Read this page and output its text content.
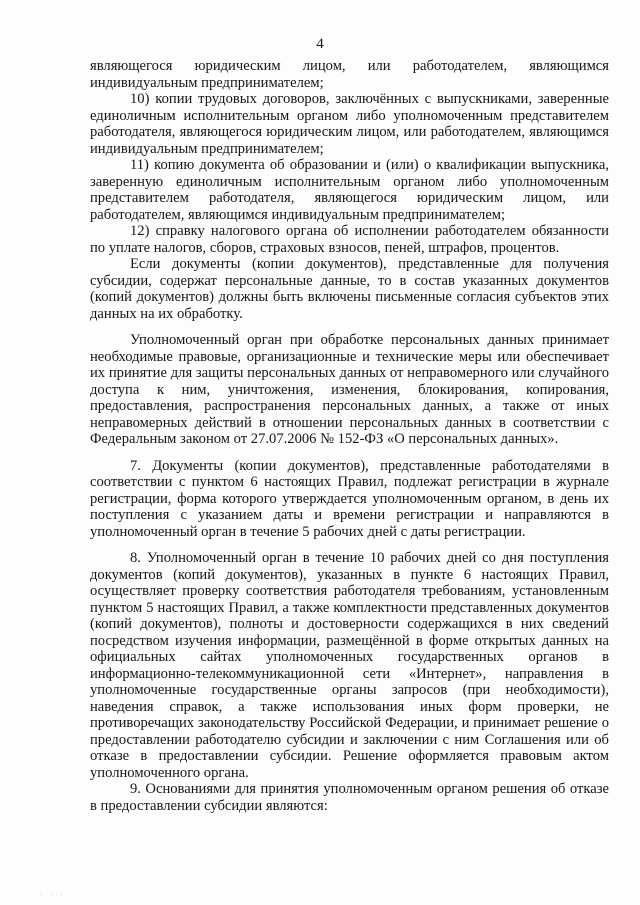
4

являющегося юридическим лицом, или работодателем, являющимся индивидуальным предпринимателем;

10) копии трудовых договоров, заключённых с выпускниками, заверенные единоличным исполнительным органом либо уполномоченным представителем работодателя, являющегося юридическим лицом, или работодателем, являющимся индивидуальным предпринимателем;

11) копию документа об образовании и (или) о квалификации выпускника, заверенную единоличным исполнительным органом либо уполномоченным представителем работодателя, являющегося юридическим лицом, или работодателем, являющимся индивидуальным предпринимателем;

12) справку налогового органа об исполнении работодателем обязанности по уплате налогов, сборов, страховых взносов, пеней, штрафов, процентов.

Если документы (копии документов), представленные для получения субсидии, содержат персональные данные, то в состав указанных документов (копий документов) должны быть включены письменные согласия субъектов этих данных на их обработку.

Уполномоченный орган при обработке персональных данных принимает необходимые правовые, организационные и технические меры или обеспечивает их принятие для защиты персональных данных от неправомерного или случайного доступа к ним, уничтожения, изменения, блокирования, копирования, предоставления, распространения персональных данных, а также от иных неправомерных действий в отношении персональных данных в соответствии с Федеральным законом от 27.07.2006 № 152-ФЗ «О персональных данных».

7. Документы (копии документов), представленные работодателями в соответствии с пунктом 6 настоящих Правил, подлежат регистрации в журнале регистрации, форма которого утверждается уполномоченным органом, в день их поступления с указанием даты и времени регистрации и направляются в уполномоченный орган в течение 5 рабочих дней с даты регистрации.

8. Уполномоченный орган в течение 10 рабочих дней со дня поступления документов (копий документов), указанных в пункте 6 настоящих Правил, осуществляет проверку соответствия работодателя требованиям, установленным пунктом 5 настоящих Правил, а также комплектности представленных документов (копий документов), полноты и достоверности содержащихся в них сведений посредством изучения информации, размещённой в форме открытых данных на официальных сайтах уполномоченных государственных органов в информационно-телекоммуникационной сети «Интернет», направления в уполномоченные государственные органы запросов (при необходимости), наведения справок, а также использования иных форм проверки, не противоречащих законодательству Российской Федерации, и принимает решение о предоставлении работодателю субсидии и заключении с ним Соглашения или об отказе в предоставлении субсидии. Решение оформляется правовым актом уполномоченного органа.

9. Основаниями для принятия уполномоченным органом решения об отказе в предоставлении субсидии являются:

· · ·
